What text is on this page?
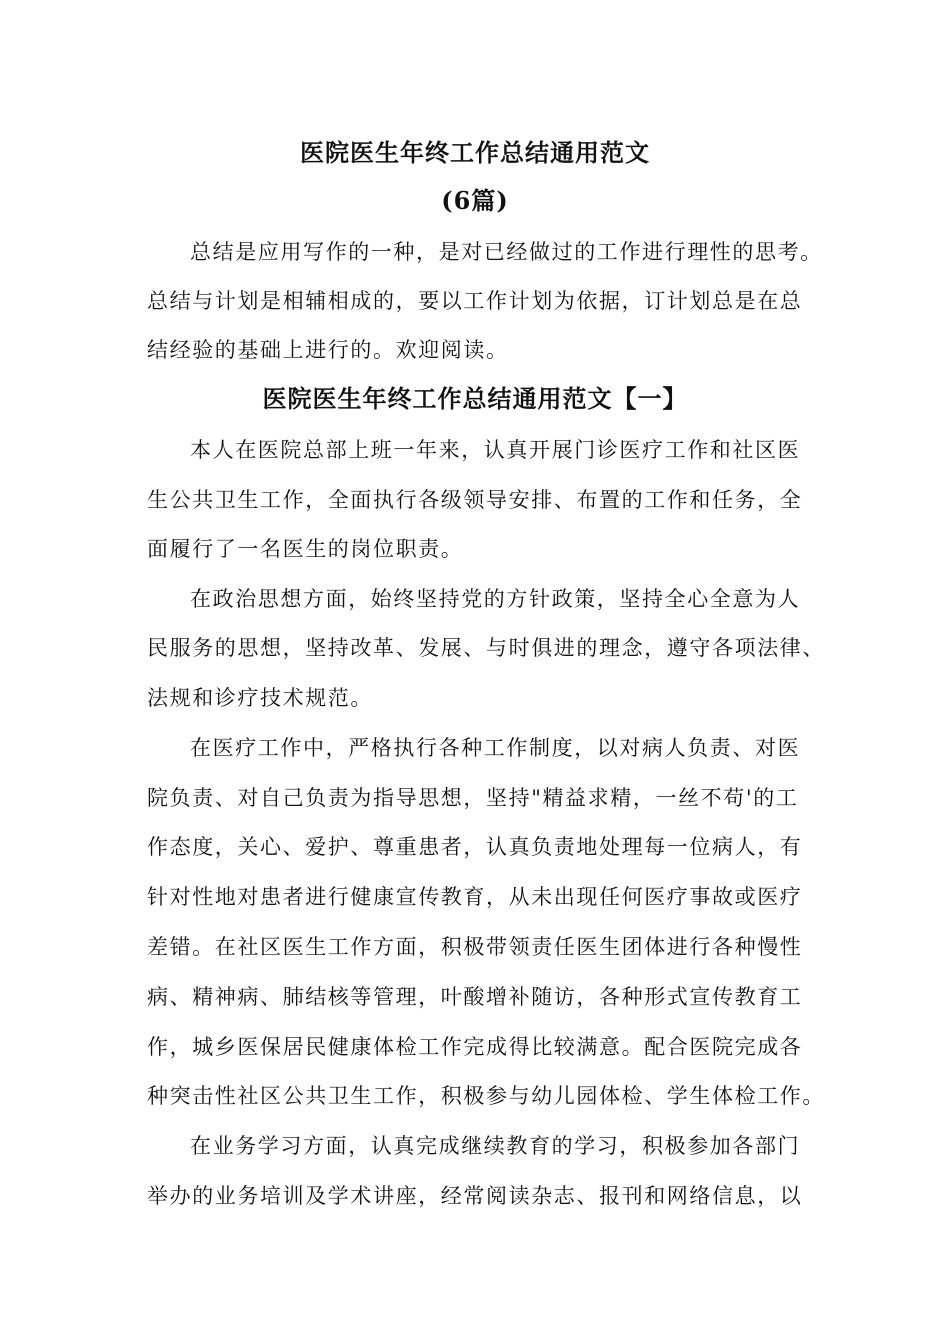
医院医生年终工作总结通用范文
(6篇)

总结是应用写作的一种，是对已经做过的工作进行理性的思考。

总结与计划是相辅相成的，要以工作计划为依据，订计划总是在总

结经验的基础上进行的。欢迎阅读。

医院医生年终工作总结通用范文【一】

本人在医院总部上班一年来，认真开展门诊医疗工作和社区医

生公共卫生工作，全面执行各级领导安排、布置的工作和任务，全

面履行了一名医生的岗位职责。

在政治思想方面，始终坚持党的方针政策，坚持全心全意为人

民服务的思想，坚持改革、发展、与时俱进的理念，遵守各项法律、

法规和诊疗技术规范。

在医疗工作中，严格执行各种工作制度，以对病人负责、对医

院负责、对自己负责为指导思想，坚持"精益求精，一丝不苟'的工

作态度，关心、爱护、尊重患者，认真负责地处理每一位病人，有

针对性地对患者进行健康宣传教育，从未出现任何医疗事故或医疗

差错。在社区医生工作方面，积极带领责任医生团体进行各种慢性

病、精神病、肺结核等管理，叶酸增补随访，各种形式宣传教育工

作，城乡医保居民健康体检工作完成得比较满意。配合医院完成各

种突击性社区公共卫生工作，积极参与幼儿园体检、学生体检工作。

在业务学习方面，认真完成继续教育的学习，积极参加各部门

举办的业务培训及学术讲座，经常阅读杂志、报刊和网络信息，以
